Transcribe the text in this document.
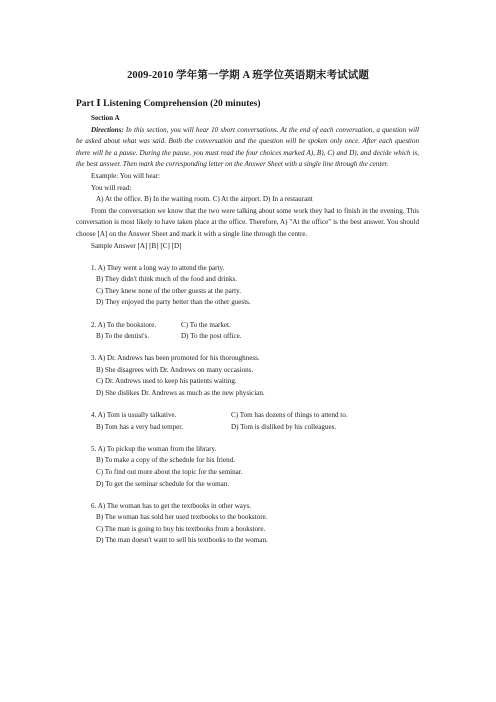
2009-2010 学年第一学期 A 班学位英语期末考试试题
Part Ⅰ Listening Comprehension (20 minutes)
Section A
Directions: In this section, you will hear 10 short conversations. At the end of each conversation, a question will be asked about what was said. Both the conversation and the question will be spoken only once. After each question there will be a pause. During the pause, you must read the four choices marked A), B), C) and D), and decide which is, the best answer. Then mark the corresponding letter on the Answer Sheet with a single line through the center.
Example: You will hear:
You will read:
A) At the office. B) In the waiting room. C) At the airport. D) In a restaurant
From the conversation we know that the two were talking about some work they had to finish in the evening. This conversation is most likely to have taken place at the office. Therefore, A) "At the office" is the best answer. You should choose [A] on the Answer Sheet and mark it with a single line through the centre.
Sample Answer [A] [B] [C] [D]
1. A) They went a long way to attend the party.
B) They didn't think much of the food and drinks.
C) They knew none of the other guests at the party.
D) They enjoyed the party better than the other guests.
2. A) To the bookstore.	C) To the market.
B) To the dentist's.	D) To the post office.
3. A) Dr. Andrews has been promoted for his thoroughness.
B) She disagrees with Dr. Andrews on many occasions.
C) Dr. Andrews used to keep his patients waiting.
D) She dislikes Dr. Andrews as much as the new physician.
4. A) Tom is usually talkative.	C) Tom has dozens of things to attend to.
B) Tom has a very bad temper.	D) Tom is disliked by his colleagues.
5. A) To pickup the woman from the library.
B) To make a copy of the schedule for his friend.
C) To find out more about the topic for the seminar.
D) To get the seminar schedule for the woman.
6. A) The woman has to get the textbooks in other ways.
B) The woman has sold her used textbooks to the bookstore.
C) The man is going to buy his textbooks from a bookstore.
D) The man doesn't want to sell his textbooks to the woman.
